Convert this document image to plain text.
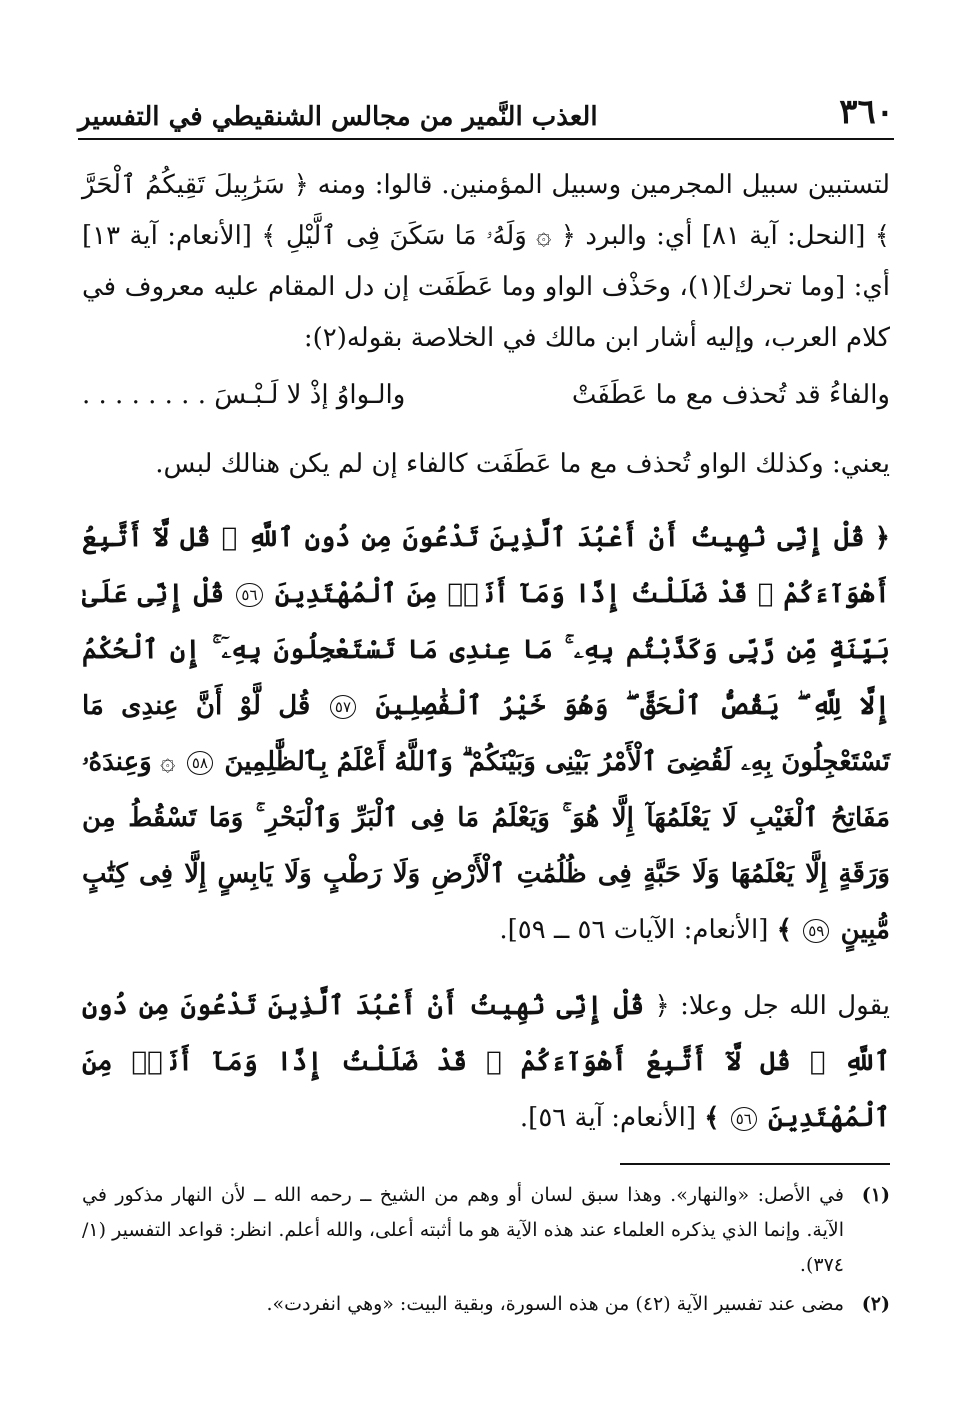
٣٦٠
العذب النَّمير من مجالس الشنقيطي في التفسير

لتستبين سبيل المجرمين وسبيل المؤمنين. قالوا: ومنه ﴿ سَرَٰبِيلَ تَقِيكُمُ ٱلْحَرَّ ﴾ [النحل: آية ٨١] أي: والبرد ﴿ ۞ وَلَهُۥ مَا سَكَنَ فِى ٱلَّيْلِ ﴾ [الأنعام: آية ١٣] أي: [وما تحرك](١)، وحَذْف الواو وما عَطَفَت إن دل المقام عليه معروف في كلام العرب، وإليه أشار ابن مالك في الخلاصة بقوله(٢):

والفاءُ قد تُحذف مع ما عَطَفَتْ
والـواوُ إذْ لا لَـبْـسَ . . . . . . . .

يعني: وكذلك الواو تُحذف مع ما عَطَفَت كالفاء إن لم يكن هنالك لبس.

﴿ قُلْ إِنِّى نُهِيتُ أَنْ أَعْبُدَ ٱلَّذِينَ تَدْعُونَ مِن دُونِ ٱللَّهِ ۚ قُل لَّآ أَتَّبِعُ أَهْوَآءَكُمْ ۙ قَدْ ضَلَلْتُ إِذًا وَمَآ أَنَا۠ مِنَ ٱلْمُهْتَدِينَ ٥٦ قُلْ إِنِّى عَلَىٰ بَيِّنَةٍ مِّن رَّبِّى وَكَذَّبْتُم بِهِۦ ۚ مَا عِندِى مَا تَسْتَعْجِلُونَ بِهِۦٓ ۚ إِنِ ٱلْحُكْمُ إِلَّا لِلَّهِ ۖ يَقُصُّ ٱلْحَقَّ ۖ وَهُوَ خَيْرُ ٱلْفَٰصِلِينَ ٥٧ قُل لَّوْ أَنَّ عِندِى مَا تَسْتَعْجِلُونَ بِهِۦ لَقُضِىَ ٱلْأَمْرُ بَيْنِى وَبَيْنَكُمْ ۗ وَٱللَّهُ أَعْلَمُ بِٱلظَّٰلِمِينَ ٥٨ ۞ وَعِندَهُۥ مَفَاتِحُ ٱلْغَيْبِ لَا يَعْلَمُهَآ إِلَّا هُوَ ۚ وَيَعْلَمُ مَا فِى ٱلْبَرِّ وَٱلْبَحْرِ ۚ وَمَا تَسْقُطُ مِن وَرَقَةٍ إِلَّا يَعْلَمُهَا وَلَا حَبَّةٍ فِى ظُلُمَٰتِ ٱلْأَرْضِ وَلَا رَطْبٍ وَلَا يَابِسٍ إِلَّا فِى كِتَٰبٍ مُّبِينٍ ٥٩ ﴾ [الأنعام: الآيات ٥٦ ــ ٥٩].

يقول الله جل وعلا: ﴿ قُلْ إِنِّى نُهِيتُ أَنْ أَعْبُدَ ٱلَّذِينَ تَدْعُونَ مِن دُونِ ٱللَّهِ ۚ قُل لَّآ أَتَّبِعُ أَهْوَآءَكُمْ ۙ قَدْ ضَلَلْتُ إِذًا وَمَآ أَنَا۠ مِنَ ٱلْمُهْتَدِينَ ٥٦ ﴾ [الأنعام: آية ٥٦].

(١)
في الأصل: «والنهار». وهذا سبق لسان أو وهم من الشيخ ــ رحمه الله ــ لأن النهار مذكور في الآية. وإنما الذي يذكره العلماء عند هذه الآية هو ما أثبته أعلى، والله أعلم. انظر: قواعد التفسير (١/ ٣٧٤).
(٢)
مضى عند تفسير الآية (٤٢) من هذه السورة، وبقية البيت: «وهي انفردت».
